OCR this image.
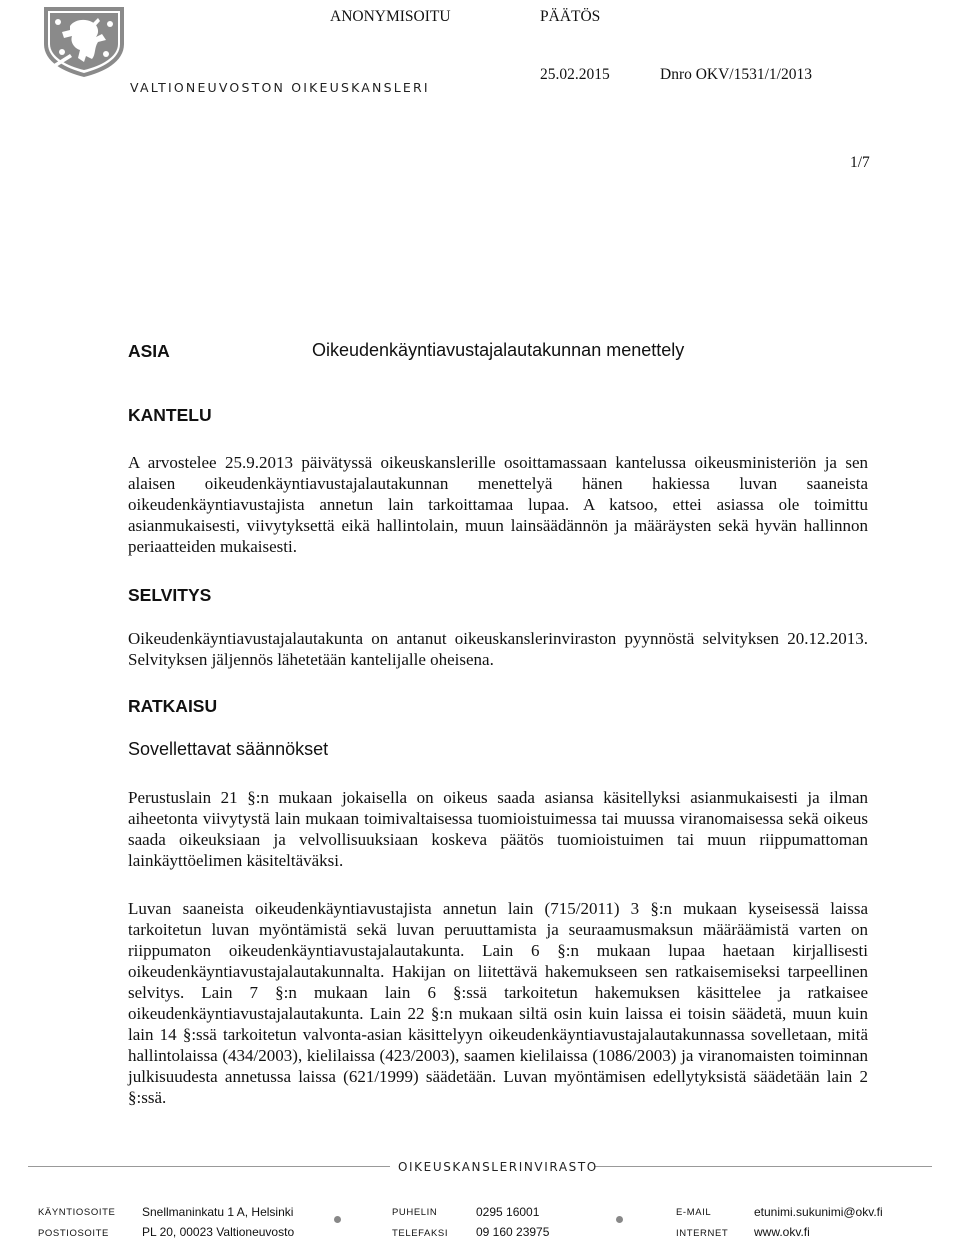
VALTIONEUVOSTON OIKEUSKANSLERI
ANONYMISOITU	PÄÄTÖS
25.02.2015	Dnro OKV/1531/1/2013
1/7
ASIA	Oikeudenkäyntiavustajalautakunnan menettely
KANTELU
A arvostelee 25.9.2013 päivätyssä oikeuskanslerille osoittamassaan kantelussa oikeusministeriön ja sen alaisen oikeudenkäyntiavustajalautakunnan menettelyä hänen hakiessa luvan saaneista oikeudenkäyntiavustajista annetun lain tarkoittamaa lupaa. A katsoo, ettei asiassa ole toimittu asianmukaisesti, viivytyksettä eikä hallintolain, muun lainsäädännön ja määräysten sekä hyvän hallinnon periaatteiden mukaisesti.
SELVITYS
Oikeudenkäyntiavustajalautakunta on antanut oikeuskanslerinviraston pyynnöstä selvityksen 20.12.2013. Selvityksen jäljennös lähetetään kantelijalle oheisena.
RATKAISU
Sovellettavat säännökset
Perustuslain 21 §:n mukaan jokaisella on oikeus saada asiansa käsitellyksi asianmukaisesti ja ilman aiheetonta viivytystä lain mukaan toimivaltaisessa tuomioistuimessa tai muussa viranomaisessa sekä oikeus saada oikeuksiaan ja velvollisuuksiaan koskeva päätös tuomioistuimen tai muun riippumattoman lainkäyttöelimen käsiteltäväksi.
Luvan saaneista oikeudenkäyntiavustajista annetun lain (715/2011) 3 §:n mukaan kyseisessä laissa tarkoitetun luvan myöntämistä sekä luvan peruuttamista ja seuraamusmaksun määräämistä varten on riippumaton oikeudenkäyntiavustajalautakunta. Lain 6 §:n mukaan lupaa haetaan kirjallisesti oikeudenkäyntiavustajalautakunnalta. Hakijan on liitettävä hakemukseen sen ratkaisemiseksi tarpeellinen selvitys. Lain 7 §:n mukaan lain 6 §:ssä tarkoitetun hakemuksen käsittelee ja ratkaisee oikeudenkäyntiavustajalautakunta. Lain 22 §:n mukaan siltä osin kuin laissa ei toisin säädetä, muun kuin lain 14 §:ssä tarkoitetun valvonta-asian käsittelyyn oikeudenkäyntiavustajalautakunnassa sovelletaan, mitä hallintolaissa (434/2003), kielilaissa (423/2003), saamen kielilaissa (1086/2003) ja viranomaisten toiminnan julkisuudesta annetussa laissa (621/1999) säädetään. Luvan myöntämisen edellytyksistä säädetään lain 2 §:ssä.
OIKEUSKANSLERINVIRASTO
KÄYNTIOSOITE Snellmaninkatu 1 A, Helsinki
POSTIOSOITE	PL 20, 00023 Valtioneuvosto
PUHELIN	0295 16001
TELEFAKSI 09 160 23975
E-MAIL	etunimi.sukunimi@okv.fi
INTERNET www.okv.fi
